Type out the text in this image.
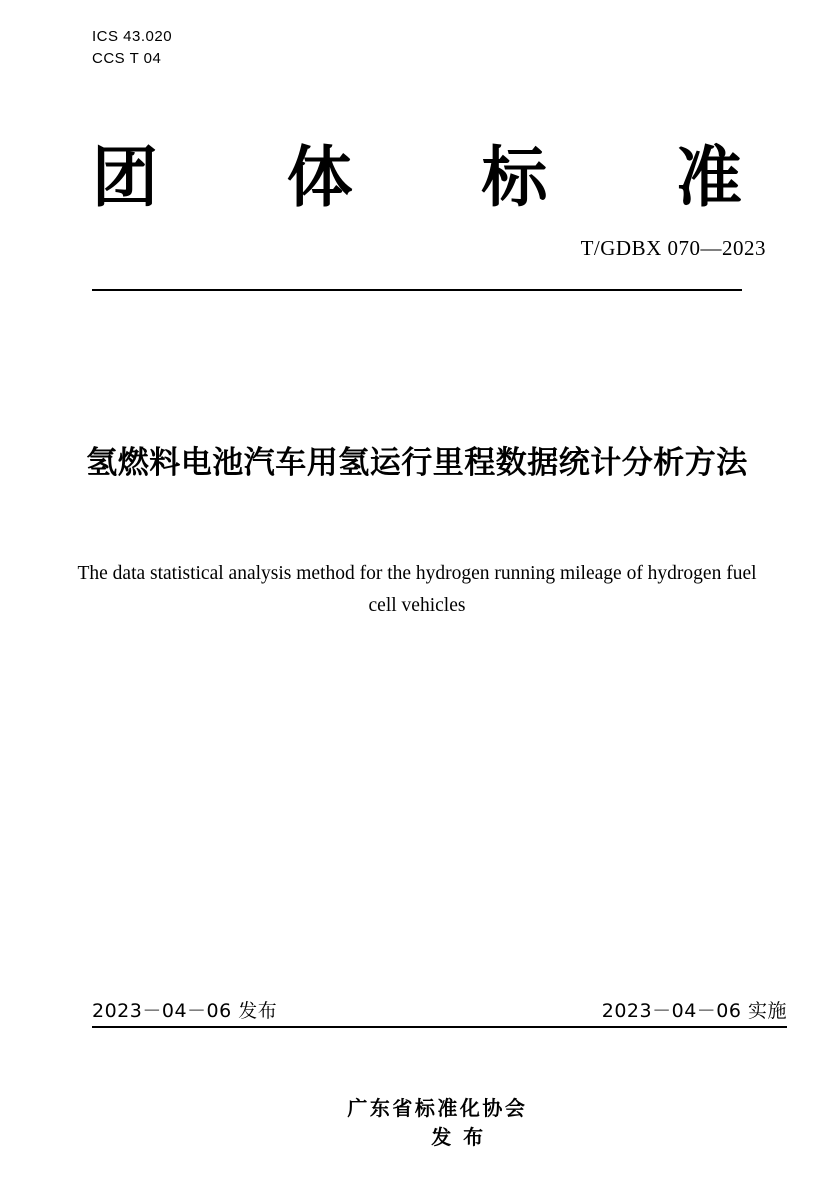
ICS 43.020
CCS T 04
团 体 标 准
T/GDBX 070—2023
氢燃料电池汽车用氢运行里程数据统计分析方法
The data statistical analysis method for the hydrogen running mileage of hydrogen fuel cell vehicles
2023－04－06 发布	2023－04－06 实施

广东省标准化协会
发 布
